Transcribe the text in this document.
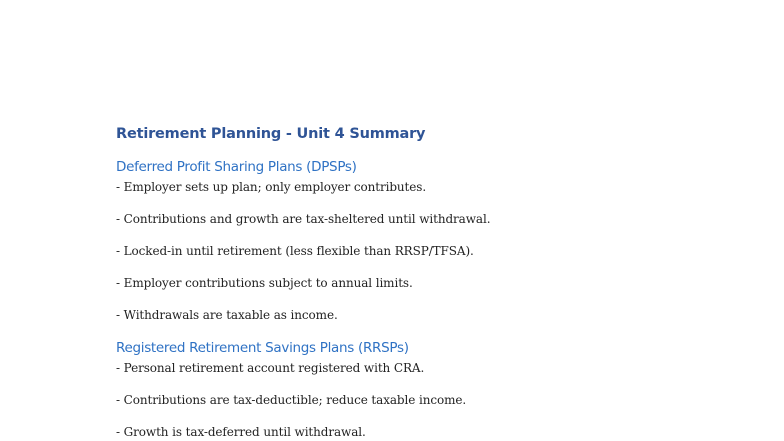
Retirement Planning - Unit 4 Summary
Deferred Profit Sharing Plans (DPSPs)
- Employer sets up plan; only employer contributes.
- Contributions and growth are tax-sheltered until withdrawal.
- Locked-in until retirement (less flexible than RRSP/TFSA).
- Employer contributions subject to annual limits.
- Withdrawals are taxable as income.
Registered Retirement Savings Plans (RRSPs)
- Personal retirement account registered with CRA.
- Contributions are tax-deductible; reduce taxable income.
- Growth is tax-deferred until withdrawal.
